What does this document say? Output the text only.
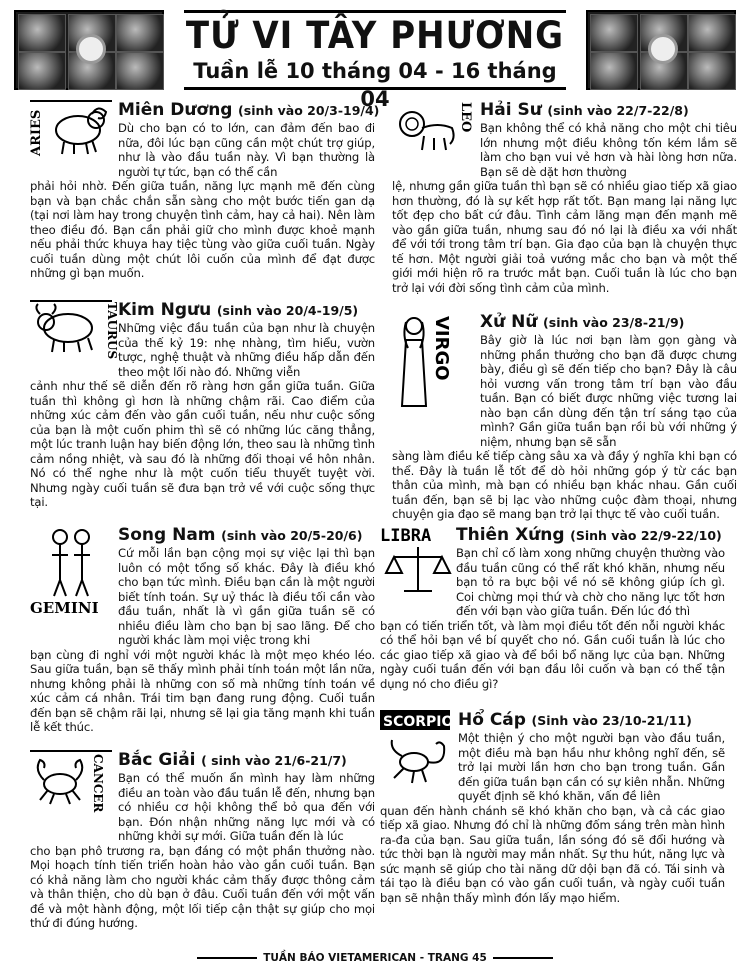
TỬ VI TÂY PHƯƠNG
Tuần lễ 10 tháng 04 - 16 tháng 04
ARIES	Miên Dương (sinh vào 20/3-19/4)

Dù cho bạn có to lớn, can đảm đến bao đi nữa, đôi lúc bạn cũng cần một chút trợ giúp, như là vào đầu tuần này. Vì bạn thường là người tự tức, bạn có thể cần

phải hỏi nhờ. Đến giữa tuần, năng lực mạnh mẽ đến cùng bạn và bạn chắc chắn sẵn sàng cho một bước tiến gan dạ (tại nơi làm hay trong chuyện tình cảm, hay cả hai). Nên làm theo điều đó. Bạn cần phải giữ cho mình được khoẻ mạnh nếu phải thức khuya hay tiệc tùng vào giữa cuối tuần. Ngày cuối tuần dùng một chút lôi cuốn của mình để đạt được những gì bạn muốn.

TAURUS Kim Ngưu (sinh vào 20/4-19/5)

Những việc đầu tuần của bạn như là chuyện của thế kỷ 19: nhẹ nhàng, tìm hiểu, vườn tược, nghệ thuật và những điều hấp dẫn đến theo một lối nào đó. Những viễn

cảnh như thế sẽ diễn đến rõ ràng hơn gần giữa tuần. Giữa tuần thì không gì hơn là những chậm rãi. Cao điểm của những xúc cảm đến vào gần cuối tuần, nếu như cuộc sống của bạn là một cuốn phim thì sẽ có những lúc căng thẳng, một lúc tranh luận hay biến động lớn, theo sau là những tình cảm nồng nhiệt, và sau đó là những đối thoại về hôn nhân. Nó có thể nghe như là một cuốn tiểu thuyết tuyệt vời. Nhưng ngày cuối tuần sẽ đưa bạn trở về với cuộc sống thực tại.

GEMINI
Song Nam (sinh vào 20/5-20/6)

Cứ mỗi lần bạn cộng mọi sự việc lại thì bạn luôn có một tổng số khác. Đây là điều khó cho bạn tức mình. Điều bạn cần là một người biết tính toán. Sự uỷ thác là điều tối cần vào đầu tuần, nhất là vì gần giữa tuần sẽ có nhiều điều làm cho bạn bị sao lãng. Để cho người khác làm mọi việc trong khi

bạn cùng đi nghỉ với một người khác là một mẹo khéo léo. Sau giữa tuần, bạn sẽ thấy mình phải tính toán một lần nữa, nhưng không phải là những con số mà những tính toán về xúc cảm cá nhân. Trái tim bạn đang rung động. Cuối tuần đến bạn sẽ chậm rãi lại, nhưng sẽ lại gia tăng mạnh khi tuần lễ kết thúc.

CANCER Bắc Giải ( sinh vào 21/6-21/7)

Bạn có thể muốn ẩn mình hay làm những điều an toàn vào đầu tuần lễ đến, nhưng bạn có nhiều cơ hội không thể bỏ qua đến với bạn. Đón nhận những năng lực mới và có những khởi sự mới. Giữa tuần đến là lúc

cho bạn phô trương ra, bạn đáng có một phần thưởng nào. Mọi hoạch tính tiến triển hoàn hảo vào gần cuối tuần. Bạn có khả năng làm cho người khác cảm thấy được thông cảm và thân thiện, cho dù bạn ở đâu. Cuối tuần đến với một vấn đề và một hành động, một lối tiếp cận thật sự giúp cho mọi thứ đi đúng hướng.

LEO Hải Sư (sinh vào 22/7-22/8)

Bạn không thể có khả năng cho một chi tiêu lớn nhưng một điều không tốn kém lắm sẽ làm cho bạn vui vẻ hơn và hài lòng hơn nữa. Bạn sẽ dè dặt hơn thường

lệ, nhưng gần giữa tuần thì bạn sẽ có nhiều giao tiếp xã giao hơn thường, đó là sự kết hợp rất tốt. Bạn mang lại năng lực tốt đẹp cho bất cứ đâu. Tình cảm lãng mạn đến mạnh mẽ vào gần giữa tuần, nhưng sau đó nó lại là điều xa với nhất để với tới trong tâm trí bạn. Gia đạo của bạn là chuyện thực tế hơn. Một người giải toả vướng mắc cho bạn và một thế giới mới hiện rõ ra trước mắt bạn. Cuối tuần là lúc cho bạn trở lại với đời sống tình cảm của mình.

VIRGO Xử Nữ (sinh vào 23/8-21/9)

Bây giờ là lúc nơi bạn làm gọn gàng và những phần thưởng cho bạn đã được chưng bày, điều gì sẽ đến tiếp cho bạn? Đây là câu hỏi vương vấn trong tâm trí bạn vào đầu tuần. Bạn có biết được những việc tương lai nào bạn cần dùng đến tận trí sáng tạo của mình? Gần giữa tuần bạn rồi bù với những ý niệm, nhưng bạn sẽ sẵn

sàng làm điều kế tiếp càng sâu xa và đầy ý nghĩa khi bạn có thể. Đây là tuần lễ tốt để dò hỏi những góp ý từ các bạn thân của mình, mà bạn có nhiều bạn khác nhau. Gần cuối tuần đến, bạn sẽ bị lạc vào những cuộc đàm thoại, nhưng chuyện gia đạo sẽ mang bạn trở lại thực tế vào cuối tuần.

LIBRA Thiên Xứng (Sinh vào 22/9-22/10)

Bạn chỉ cố làm xong những chuyện thường vào đầu tuần cũng có thể rất khó khăn, nhưng nếu bạn tỏ ra bực bội về nó sẽ không giúp ích gì. Coi chừng mọi thứ và chờ cho năng lực tốt hơn đến với bạn vào giữa tuần. Đến lúc đó thì

bạn có tiến triển tốt, và làm mọi điều tốt đến nỗi người khác có thể hỏi bạn về bí quyết cho nó. Gần cuối tuần là lúc cho các giao tiếp xã giao và để bồi bổ năng lực của bạn. Những ngày cuối tuần đến với bạn đầu lôi cuốn và bạn có thể tận dụng nó cho điều gì?

SCORPIO Hổ Cáp (Sinh vào 23/10-21/11)

Một thiện ý cho một người bạn vào đầu tuần, một điều mà bạn hầu như không nghĩ đến, sẽ trở lại mười lần hơn cho bạn trong tuần. Gần đến giữa tuần bạn cần có sự kiên nhẫn. Những quyết định sẽ khó khăn, vấn đề liên

quan đến hành chánh sẽ khó khăn cho bạn, và cả các giao tiếp xã giao. Nhưng đó chỉ là những đốm sáng trên màn hình ra-đa của bạn. Sau giữa tuần, lần sóng đó sẽ đổi hướng và tức thời bạn là người may mắn nhất. Sự thu hút, năng lực và sức mạnh sẽ giúp cho tài năng dữ dội bạn đã có. Tái sinh và tái tạo là điều bạn có vào gần cuối tuần, và ngày cuối tuần bạn sẽ nhận thấy mình đón lấy mạo hiểm.

TUẦN BÁO VIETAMERICAN - TRANG 45
